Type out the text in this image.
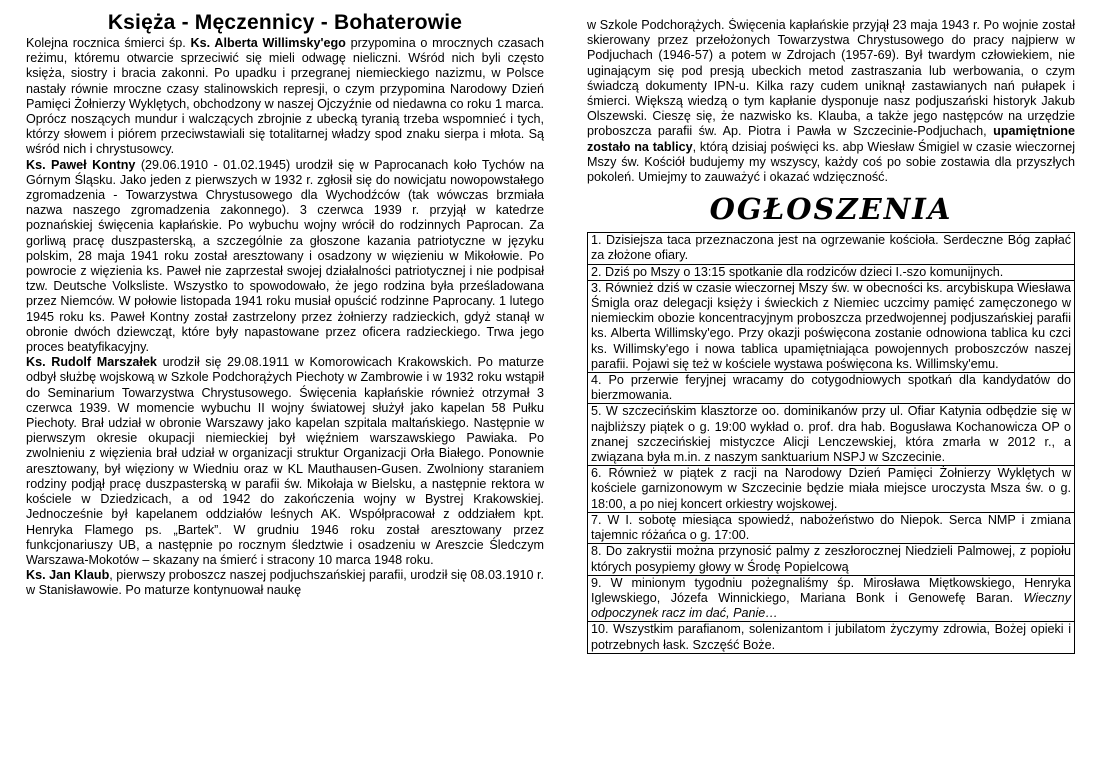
Księża - Męczennicy - Bohaterowie

Kolejna rocznica śmierci śp. Ks. Alberta Willimsky'ego przypomina o mrocznych czasach reżimu, któremu otwarcie sprzeciwić się mieli odwagę nieliczni. Wśród nich byli często księża, siostry i bracia zakonni. Po upadku i przegranej niemieckiego nazizmu, w Polsce nastały równie mroczne czasy stalinowskich represji, o czym przypomina Narodowy Dzień Pamięci Żołnierzy Wyklętych, obchodzony w naszej Ojczyźnie od niedawna co roku 1 marca. Oprócz noszących mundur i walczących zbrojnie z ubecką tyranią trzeba wspomnieć i tych, którzy słowem i piórem przeciwstawiali się totalitarnej władzy spod znaku sierpa i młota. Są wśród nich i chrystusowcy.

Ks. Paweł Kontny (29.06.1910 - 01.02.1945) urodził się w Paprocanach koło Tychów na Górnym Śląsku. Jako jeden z pierwszych w 1932 r. zgłosił się do nowicjatu nowopowstałego zgromadzenia - Towarzystwa Chrystusowego dla Wychodźców (tak wówczas brzmiała nazwa naszego zgromadzenia zakonnego). 3 czerwca 1939 r. przyjął w katedrze poznańskiej święcenia kapłańskie. Po wybuchu wojny wrócił do rodzinnych Paprocan. Za gorliwą pracę duszpasterską, a szczególnie za głoszone kazania patriotyczne w języku polskim, 28 maja 1941 roku został aresztowany i osadzony w więzieniu w Mikołowie. Po powrocie z więzienia ks. Paweł nie zaprzestał swojej działalności patriotycznej i nie podpisał tzw. Deutsche Volksliste. Wszystko to spowodowało, że jego rodzina była prześladowana przez Niemców. W połowie listopada 1941 roku musiał opuścić rodzinne Paprocany. 1 lutego 1945 roku ks. Paweł Kontny został zastrzelony przez żołnierzy radzieckich, gdyż stanął w obronie dwóch dziewcząt, które były napastowane przez oficera radzieckiego. Trwa jego proces beatyfikacyjny.

Ks. Rudolf Marszałek urodził się 29.08.1911 w Komorowicach Krakowskich. Po maturze odbył służbę wojskową w Szkole Podchorążych Piechoty w Zambrowie i w 1932 roku wstąpił do Seminarium Towarzystwa Chrystusowego. Święcenia kapłańskie również otrzymał 3 czerwca 1939. W momencie wybuchu II wojny światowej służył jako kapelan 58 Pułku Piechoty. Brał udział w obronie Warszawy jako kapelan szpitala maltańskiego. Następnie w pierwszym okresie okupacji niemieckiej był więźniem warszawskiego Pawiaka. Po zwolnieniu z więzienia brał udział w organizacji struktur Organizacji Orła Białego. Ponownie aresztowany, był więziony w Wiedniu oraz w KL Mauthausen-Gusen. Zwolniony staraniem rodziny podjął pracę duszpasterską w parafii św. Mikołaja w Bielsku, a następnie rektora w kościele w Dziedzicach, a od 1942 do zakończenia wojny w Bystrej Krakowskiej. Jednocześnie był kapelanem oddziałów leśnych AK. Współpracował z oddziałem kpt. Henryka Flamego ps. „Bartek”. W grudniu 1946 roku został aresztowany przez funkcjonariuszy UB, a następnie po rocznym śledztwie i osadzeniu w Areszcie Śledczym Warszawa-Mokotów – skazany na śmierć i stracony 10 marca 1948 roku.

Ks. Jan Klaub, pierwszy proboszcz naszej podjuchszańskiej parafii, urodził się 08.03.1910 r. w Stanisławowie. Po maturze kontynuował naukę

w Szkole Podchorążych. Święcenia kapłańskie przyjął 23 maja 1943 r. Po wojnie został skierowany przez przełożonych Towarzystwa Chrystusowego do pracy najpierw w Podjuchach (1946-57) a potem w Zdrojach (1957-69). Był twardym człowiekiem, nie uginającym się pod presją ubeckich metod zastraszania lub werbowania, o czym świadczą dokumenty IPN-u. Kilka razy cudem uniknął zastawianych nań pułapek i śmierci. Większą wiedzą o tym kapłanie dysponuje nasz podjuszański historyk Jakub Olszewski. Cieszę się, że nazwisko ks. Klauba, a także jego następców na urzędzie proboszcza parafii św. Ap. Piotra i Pawła w Szczecinie-Podjuchach, upamiętnione zostało na tablicy, którą dzisiaj poświęci ks. abp Wiesław Śmigiel w czasie wieczornej Mszy św. Kościół budujemy my wszyscy, każdy coś po sobie zostawia dla przyszłych pokoleń. Umiejmy to zauważyć i okazać wdzięczność.

OGŁOSZENIA
1. Dzisiejsza taca przeznaczona jest na ogrzewanie kościoła. Serdeczne Bóg zapłać za złożone ofiary.
2. Dziś po Mszy o 13:15 spotkanie dla rodziców dzieci I.-szo komunijnych.
3. Również dziś w czasie wieczornej Mszy św. w obecności ks. arcybiskupa Wiesława Śmigla oraz delegacji księży i świeckich z Niemiec uczcimy pamięć zamęczonego w niemieckim obozie koncentracyjnym proboszcza przedwojennej podjuszańskiej parafii ks. Alberta Willimsky'ego. Przy okazji poświęcona zostanie odnowiona tablica ku czci ks. Willimsky'ego i nowa tablica upamiętniająca powojennych proboszczów naszej parafii. Pojawi się też w kościele wystawa poświęcona ks. Willimsky'emu.
4. Po przerwie feryjnej wracamy do cotygodniowych spotkań dla kandydatów do bierzmowania.
5. W szczecińskim klasztorze oo. dominikanów przy ul. Ofiar Katynia odbędzie się w najbliższy piątek o g. 19:00 wykład o. prof. dra hab. Bogusława Kochanowicza OP o znanej szczecińskiej mistyczce Alicji Lenczewskiej, która zmarła w 2012 r., a związana była m.in. z naszym sanktuarium NSPJ w Szczecinie.
6. Również w piątek z racji na Narodowy Dzień Pamięci Żołnierzy Wyklętych w kościele garnizonowym w Szczecinie będzie miała miejsce uroczysta Msza św. o g. 18:00, a po niej koncert orkiestry wojskowej.
7. W I. sobotę miesiąca spowiedź, nabożeństwo do Niepok. Serca NMP i zmiana tajemnic różańca o g. 17:00.
8. Do zakrystii można przynosić palmy z zeszłorocznej Niedzieli Palmowej, z popiołu których posypiemy głowy w Środę Popielcową
9. W minionym tygodniu pożegnaliśmy śp. Mirosława Miętkowskiego, Henryka Iglewskiego, Józefa Winnickiego, Mariana Bonk i Genowefę Baran. Wieczny odpoczynek racz im dać, Panie…
10. Wszystkim parafianom, solenizantom i jubilatom życzymy zdrowia, Bożej opieki i potrzebnych łask. Szczęść Boże.
